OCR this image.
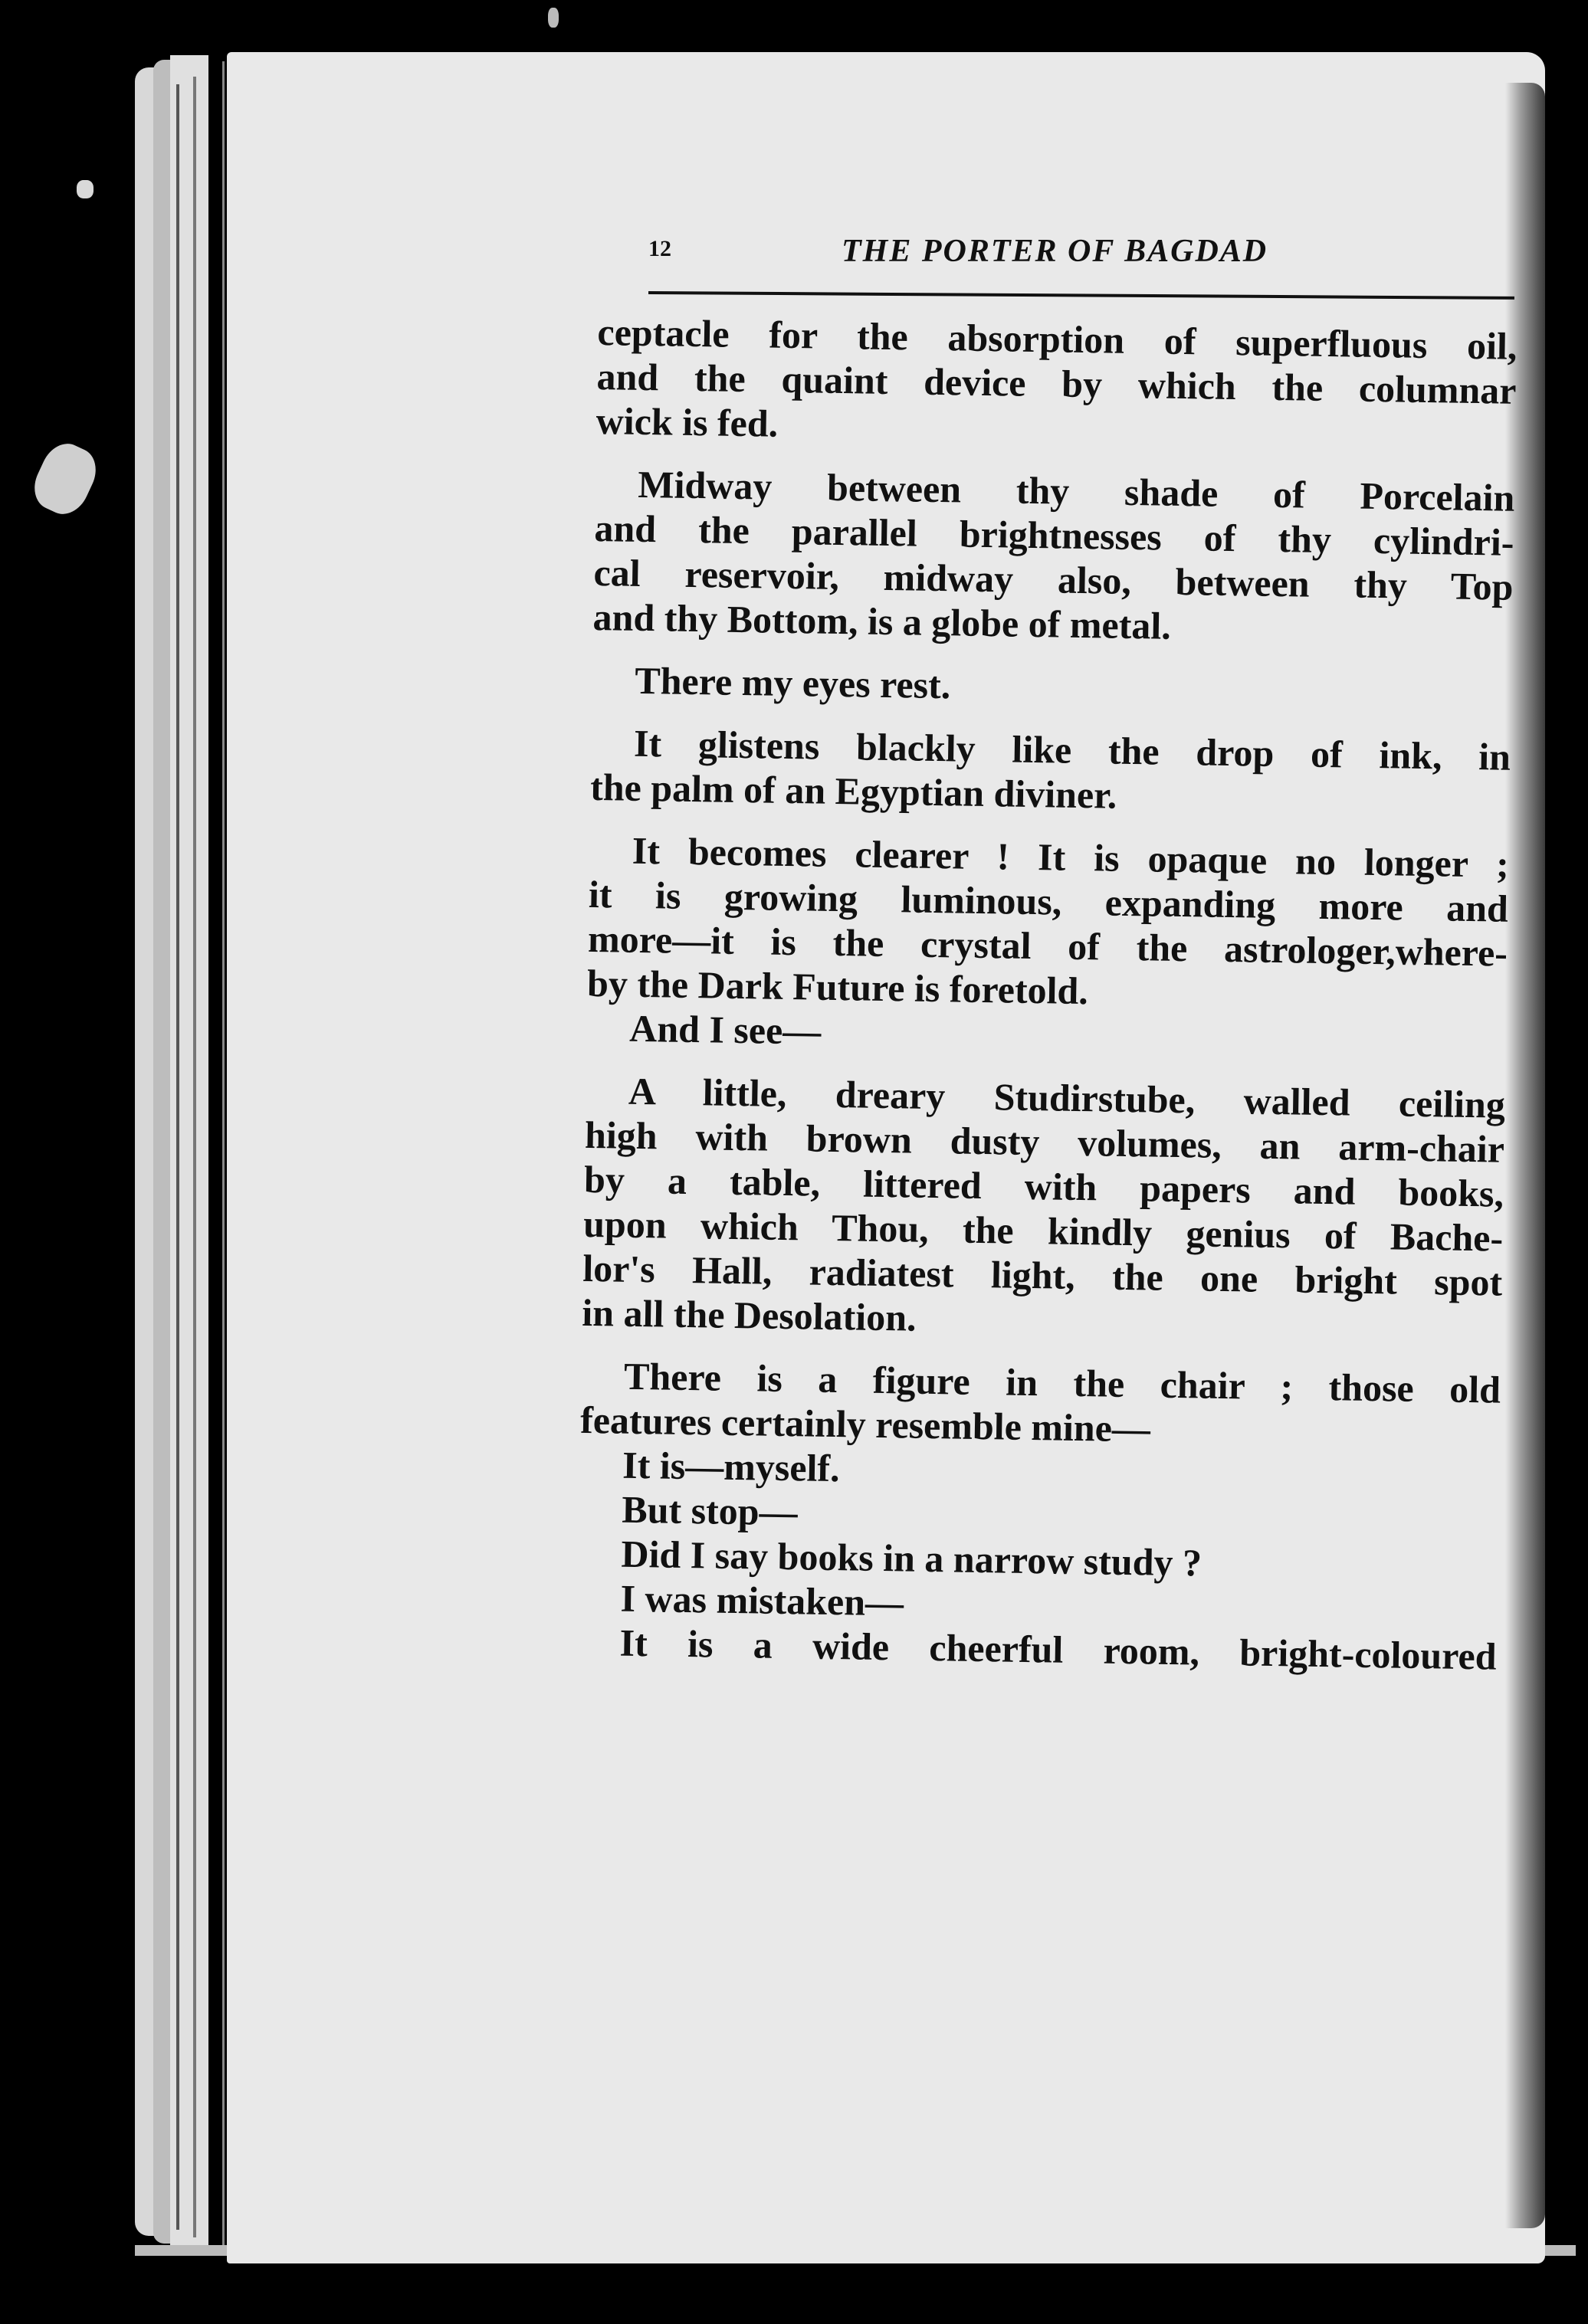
12	THE PORTER OF BAGDAD
ceptacle for the absorption of superfluous oil,
and the quaint device by which the columnar
wick is fed.
Midway between thy shade of Porcelain
and the parallel brightnesses of thy cylindri-
cal reservoir, midway also, between thy Top
and thy Bottom, is a globe of metal.
There my eyes rest.
It glistens blackly like the drop of ink, in
the palm of an Egyptian diviner.
It becomes clearer ! It is opaque no longer ;
it is growing luminous, expanding more and
more—it is the crystal of the astrologer,where-
by the Dark Future is foretold.
And I see—
A little, dreary Studirstube, walled ceiling
high with brown dusty volumes, an arm-chair
by a table, littered with papers and books,
upon which Thou, the kindly genius of Bache-
lor's Hall, radiatest light, the one bright spot
in all the Desolation.
There is a figure in the chair ; those old
features certainly resemble mine—
It is—myself.
But stop—
Did I say books in a narrow study ?
I was mistaken—
It is a wide cheerful room, bright-coloured
